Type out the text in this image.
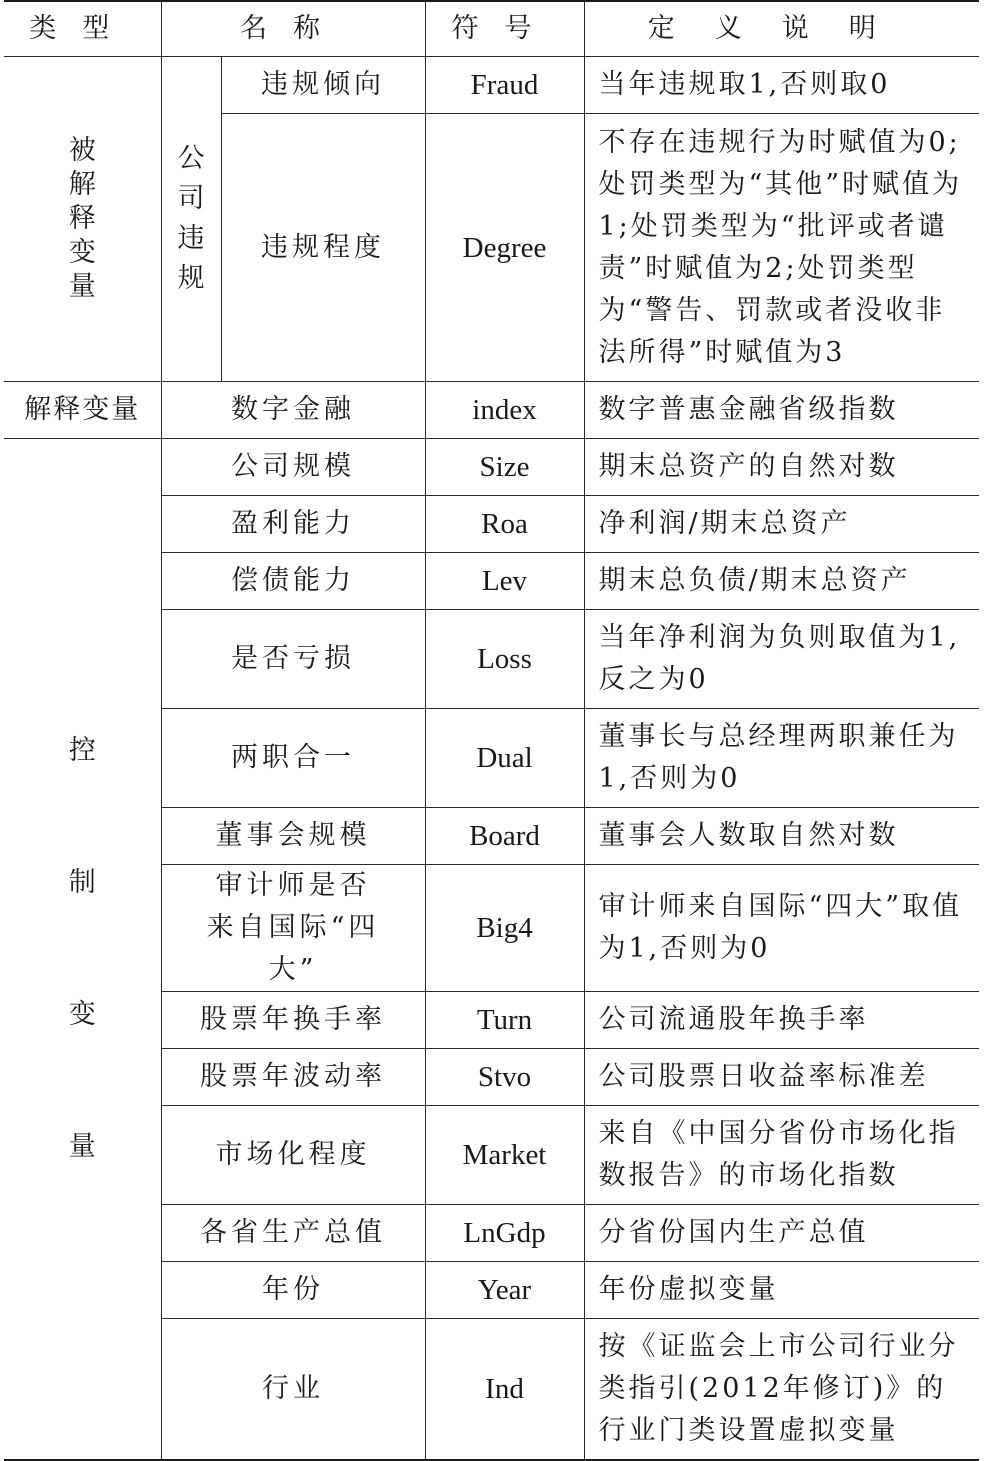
类型	名称		符号	定义说明

被解释变量	公司违规	违规倾向	Fraud	当年违规取1,否则取0
		违规程度	Degree	不存在违规行为时赋值为0;处罚类型为“其他”时赋值为1;处罚类型为“批评或者谴责”时赋值为2;处罚类型为“警告、罚款或者没收非法所得”时赋值为3
解释变量	数字金融		index	数字普惠金融省级指数

控制变量	公司规模		Size	期末总资产的自然对数
	盈利能力		Roa	净利润/期末总资产
	偿债能力		Lev	期末总负债/期末总资产
	是否亏损		Loss	当年净利润为负则取值为1,反之为0
	两职合一		Dual	董事长与总经理两职兼任为1,否则为0
	董事会规模		Board	董事会人数取自然对数
	审计师是否来自国际“四大”		Big4	审计师来自国际“四大”取值为1,否则为0
	股票年换手率		Turn	公司流通股年换手率
	股票年波动率		Stvo	公司股票日收益率标准差
	市场化程度		Market	来自《中国分省份市场化指数报告》的市场化指数
	各省生产总值		LnGdp	分省份国内生产总值
	年份		Year	年份虚拟变量
	行业		Ind	按《证监会上市公司行业分类指引(2012年修订)》的行业门类设置虚拟变量
